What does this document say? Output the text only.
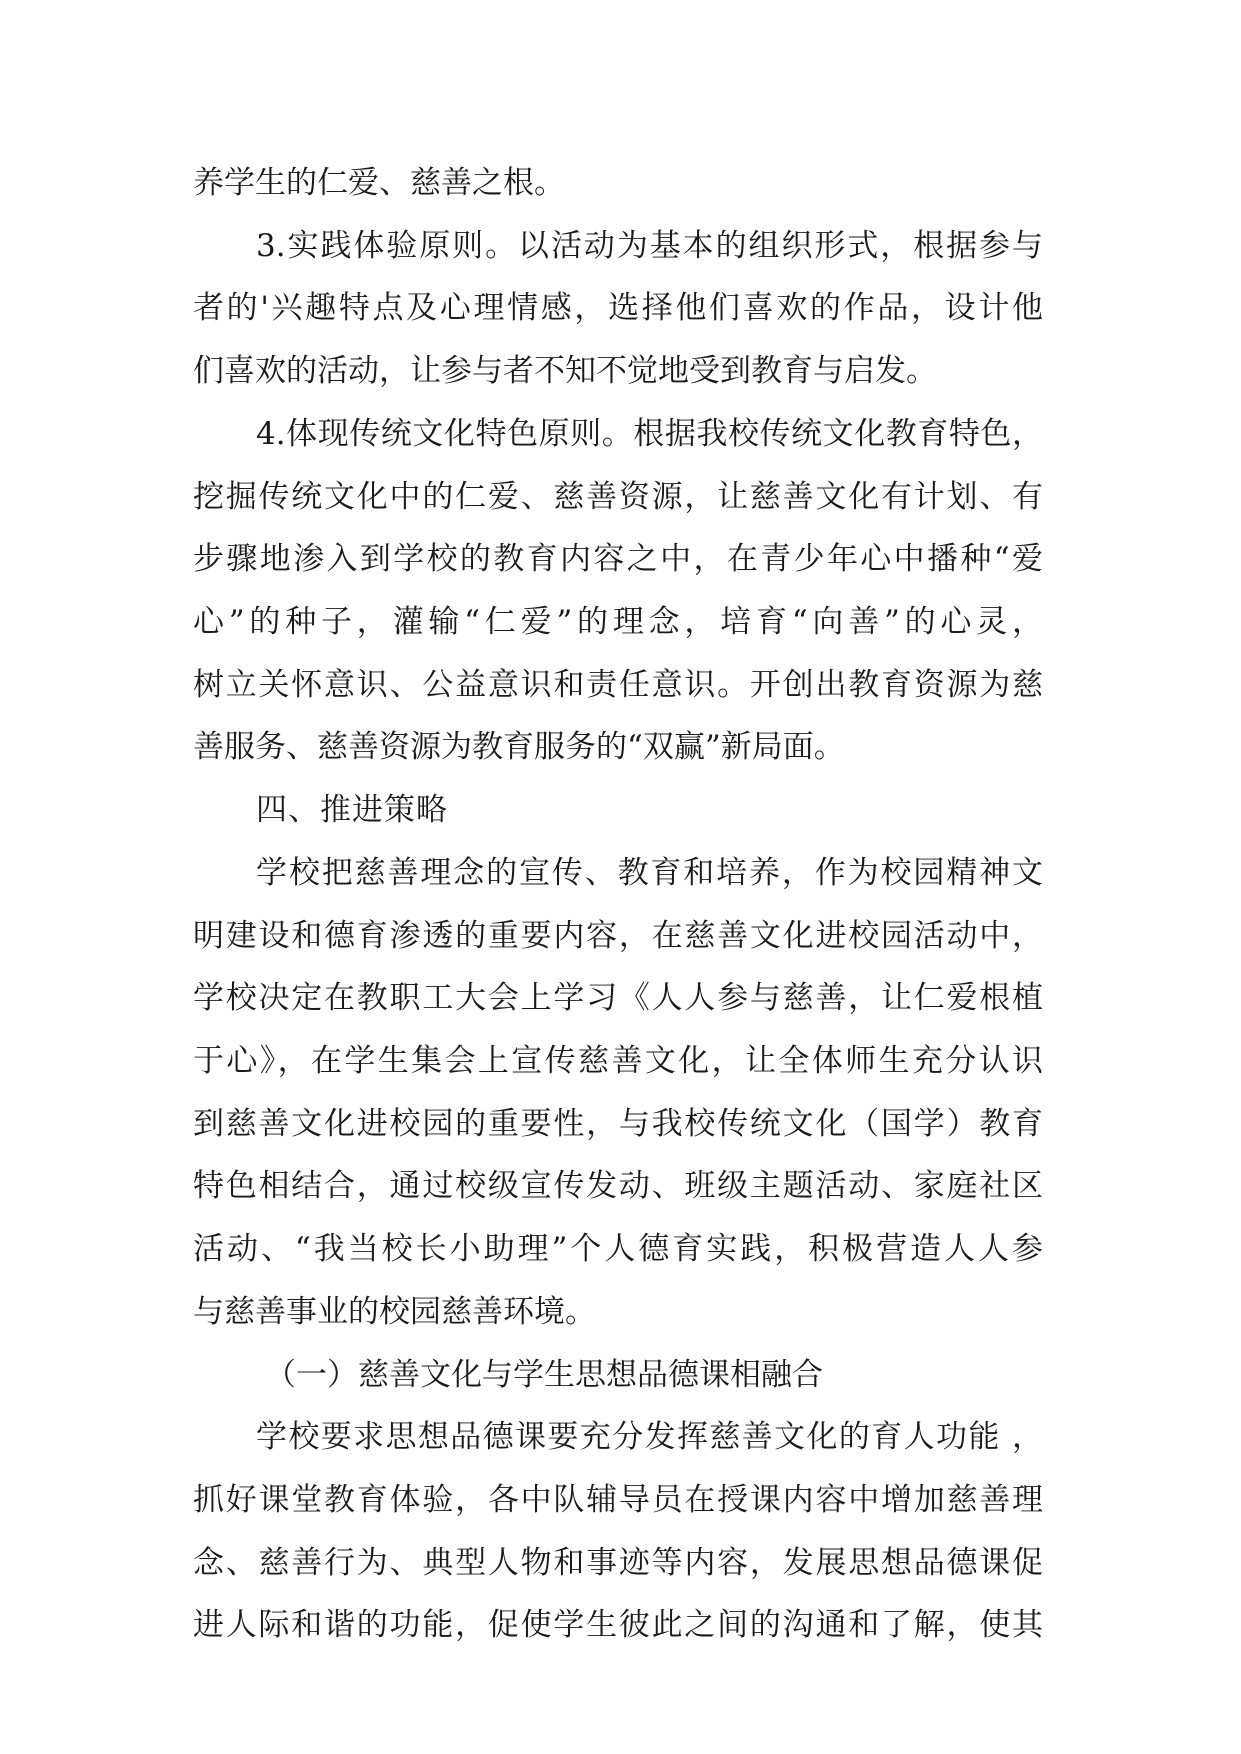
养学生的仁爱、慈善之根。
3.实践体验原则。以活动为基本的组织形式，根据参与
者的'兴趣特点及心理情感，选择他们喜欢的作品，设计他
们喜欢的活动，让参与者不知不觉地受到教育与启发。
4.体现传统文化特色原则。根据我校传统文化教育特色，
挖掘传统文化中的仁爱、慈善资源，让慈善文化有计划、有
步骤地渗入到学校的教育内容之中，在青少年心中播种“爱
心”的种子，灌输“仁爱”的理念，培育“向善”的心灵，
树立关怀意识、公益意识和责任意识。开创出教育资源为慈
善服务、慈善资源为教育服务的“双赢”新局面。
四、推进策略
学校把慈善理念的宣传、教育和培养，作为校园精神文
明建设和德育渗透的重要内容，在慈善文化进校园活动中，
学校决定在教职工大会上学习《人人参与慈善，让仁爱根植
于心》，在学生集会上宣传慈善文化，让全体师生充分认识
到慈善文化进校园的重要性，与我校传统文化（国学）教育
特色相结合，通过校级宣传发动、班级主题活动、家庭社区
活动、“我当校长小助理”个人德育实践，积极营造人人参
与慈善事业的校园慈善环境。
（一）慈善文化与学生思想品德课相融合
学校要求思想品德课要充分发挥慈善文化的育人功能 ，
抓好课堂教育体验，各中队辅导员在授课内容中增加慈善理
念、慈善行为、典型人物和事迹等内容，发展思想品德课促
进人际和谐的功能，促使学生彼此之间的沟通和了解，使其
